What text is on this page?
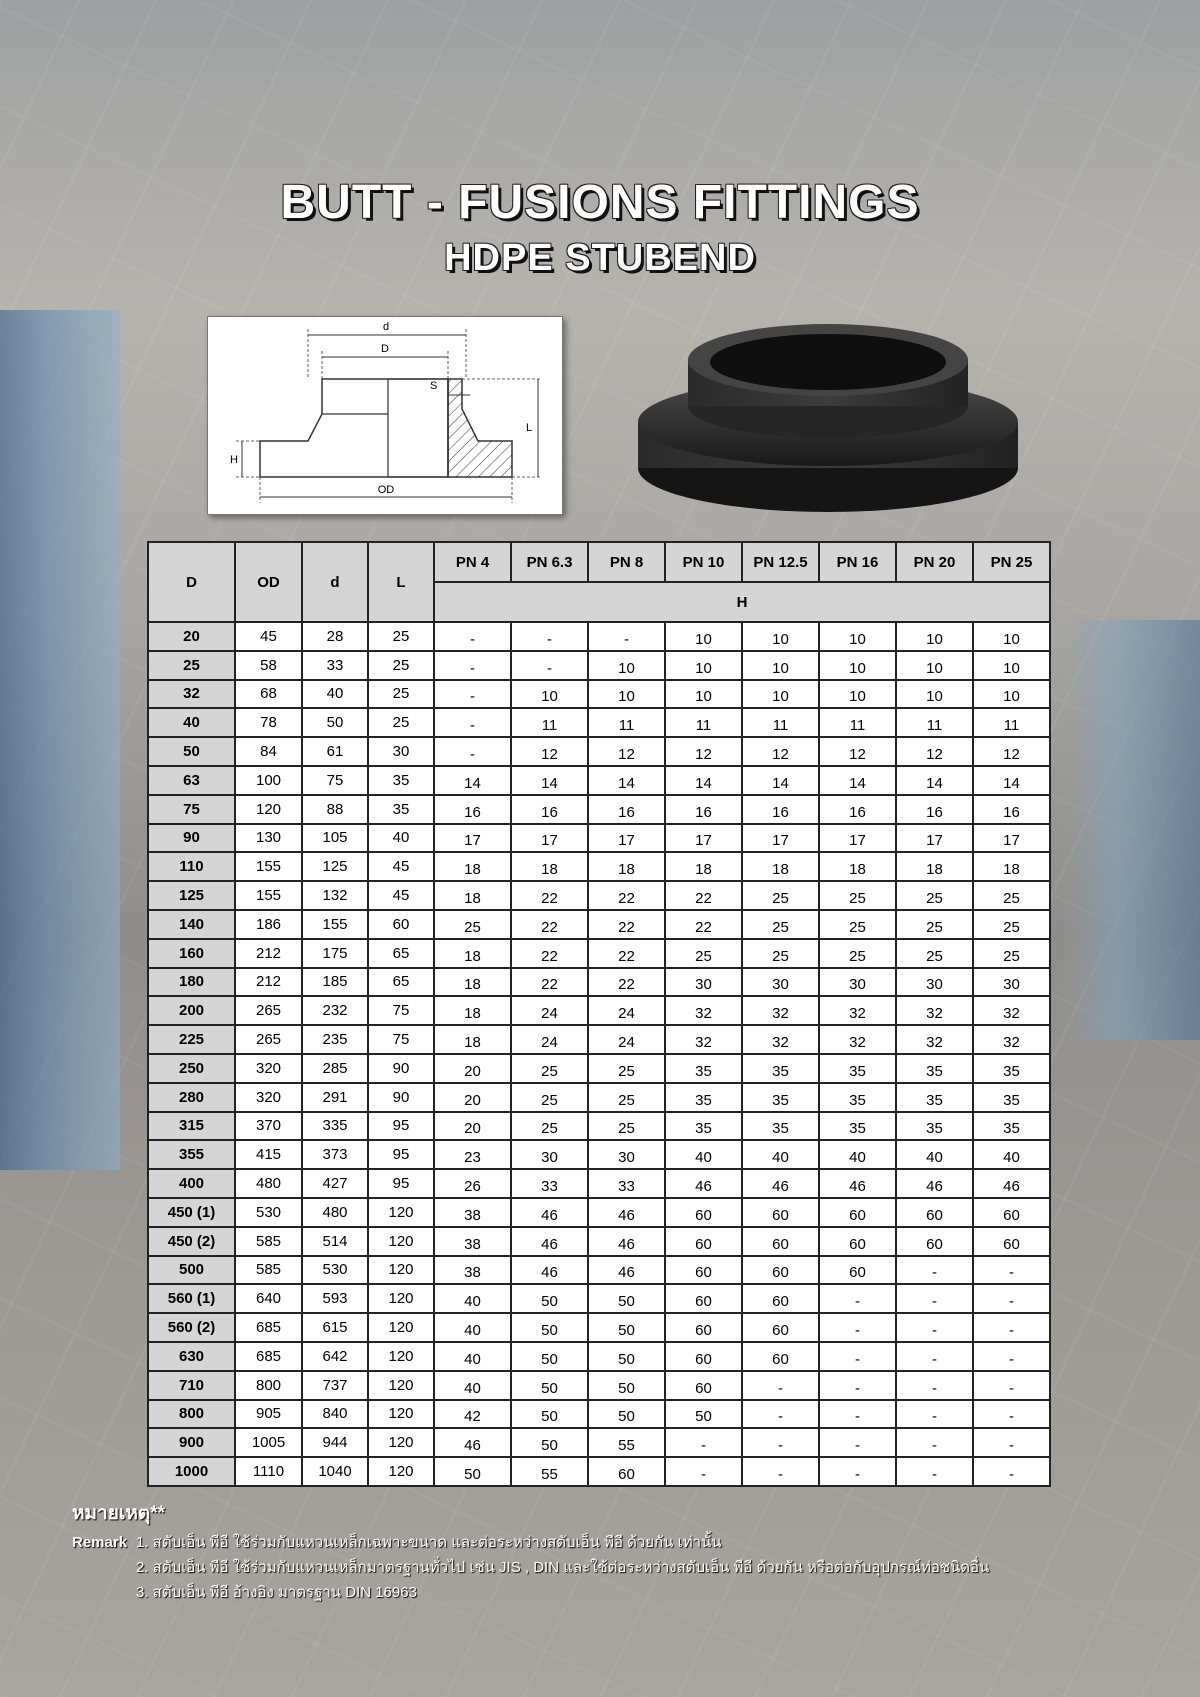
BUTT - FUSIONS FITTINGS
HDPE STUBEND
d
D
S
L
H
OD
D	OD	d	L	PN 4	PN 6.3	PN 8	PN 10	PN 12.5	PN 16	PN 20	PN 25
				H							
20	45	28	25	-	-	-	10	10	10	10	10
25	58	33	25	-	-	10	10	10	10	10	10
32	68	40	25	-	10	10	10	10	10	10	10
40	78	50	25	-	11	11	11	11	11	11	11
50	84	61	30	-	12	12	12	12	12	12	12
63	100	75	35	14	14	14	14	14	14	14	14
75	120	88	35	16	16	16	16	16	16	16	16
90	130	105	40	17	17	17	17	17	17	17	17
110	155	125	45	18	18	18	18	18	18	18	18
125	155	132	45	18	22	22	22	25	25	25	25
140	186	155	60	25	22	22	22	25	25	25	25
160	212	175	65	18	22	22	25	25	25	25	25
180	212	185	65	18	22	22	30	30	30	30	30
200	265	232	75	18	24	24	32	32	32	32	32
225	265	235	75	18	24	24	32	32	32	32	32
250	320	285	90	20	25	25	35	35	35	35	35
280	320	291	90	20	25	25	35	35	35	35	35
315	370	335	95	20	25	25	35	35	35	35	35
355	415	373	95	23	30	30	40	40	40	40	40
400	480	427	95	26	33	33	46	46	46	46	46
450 (1)	530	480	120	38	46	46	60	60	60	60	60
450 (2)	585	514	120	38	46	46	60	60	60	60	60
500	585	530	120	38	46	46	60	60	60	-	-
560 (1)	640	593	120	40	50	50	60	60	-	-	-
560 (2)	685	615	120	40	50	50	60	60	-	-	-
630	685	642	120	40	50	50	60	60	-	-	-
710	800	737	120	40	50	50	60	-	-	-	-
800	905	840	120	42	50	50	50	-	-	-	-
900	1005	944	120	46	50	55	-	-	-	-	-
1000	1110	1040	120	50	55	60	-	-	-	-	-
หมายเหตุ**
Remark 1. สตับเอ็น พีอี ใช้ร่วมกับแหวนเหล็กเฉพาะขนาด และต่อระหว่างสตับเอ็น พีอี ด้วยกัน เท่านั้น
2. สตับเอ็น พีอี ใช้ร่วมกับแหวนเหล็กมาตรฐานทั่วไป เช่น JIS , DIN และใช้ต่อระหว่างสตับเอ็น พีอี ด้วยกัน หรือต่อกับอุปกรณ์ท่อชนิดอื่น
3. สตับเอ็น พีอี อ้างอิง มาตรฐาน DIN 16963
